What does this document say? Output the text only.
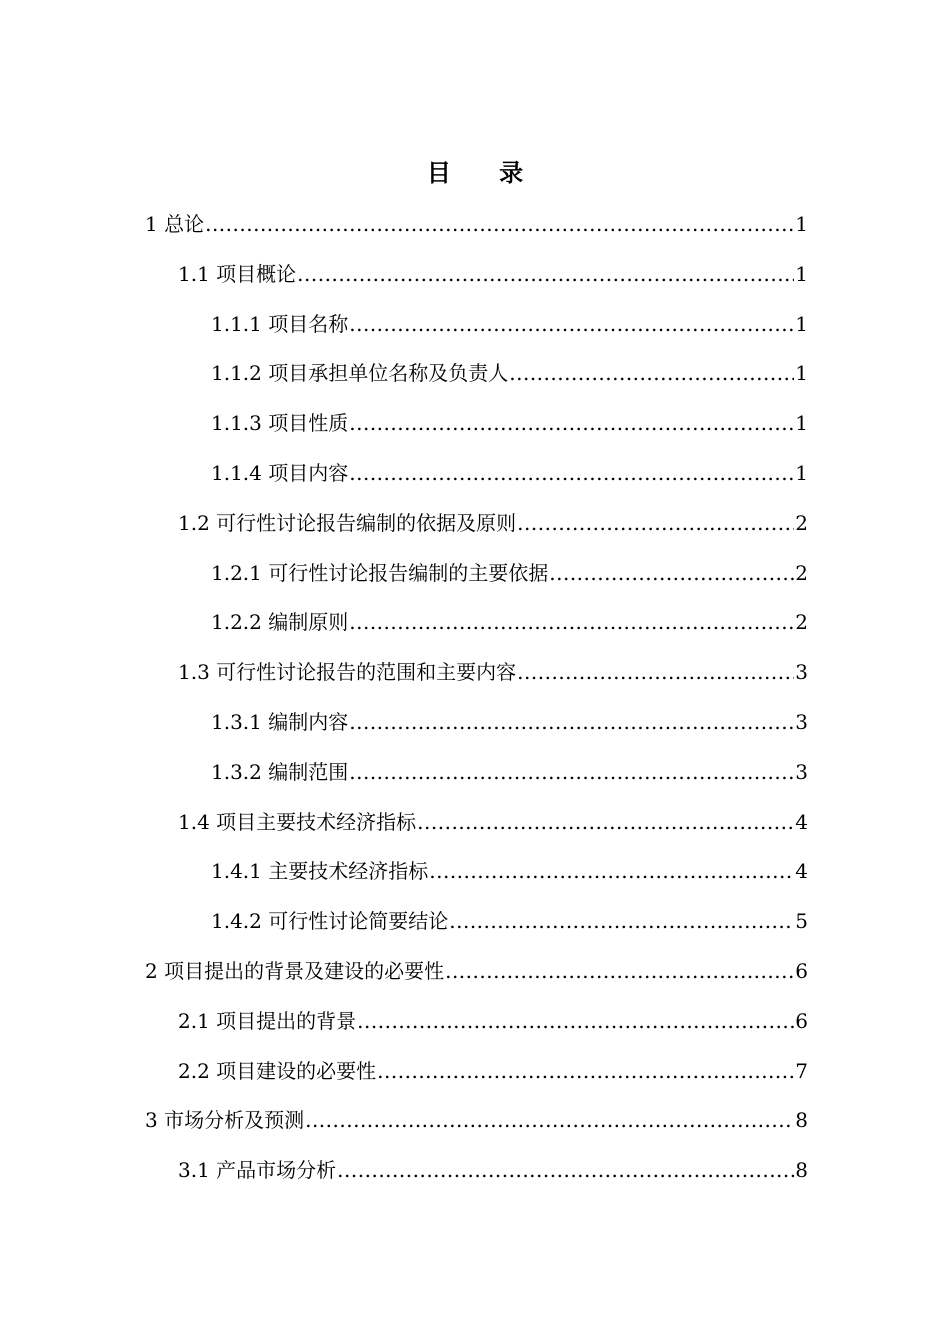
目 录
1 总论 .....	1
1.1 项目概论 .....	1
1.1.1 项目名称 .....	1
1.1.2 项目承担单位名称及负责人 .....	1
1.1.3 项目性质 .....	1
1.1.4 项目内容 .....	1
1.2 可行性讨论报告编制的依据及原则 .....	2
1.2.1 可行性讨论报告编制的主要依据 .....	2
1.2.2 编制原则 .....	2
1.3 可行性讨论报告的范围和主要内容 .....	3
1.3.1 编制内容 .....	3
1.3.2 编制范围 .....	3
1.4 项目主要技术经济指标 .....	4
1.4.1 主要技术经济指标 .....	4
1.4.2 可行性讨论简要结论 .....	5
2 项目提出的背景及建设的必要性 .....	6
2.1 项目提出的背景 .....	6
2.2 项目建设的必要性 .....	7
3 市场分析及预测 .....	8
3.1 产品市场分析 .....	8
